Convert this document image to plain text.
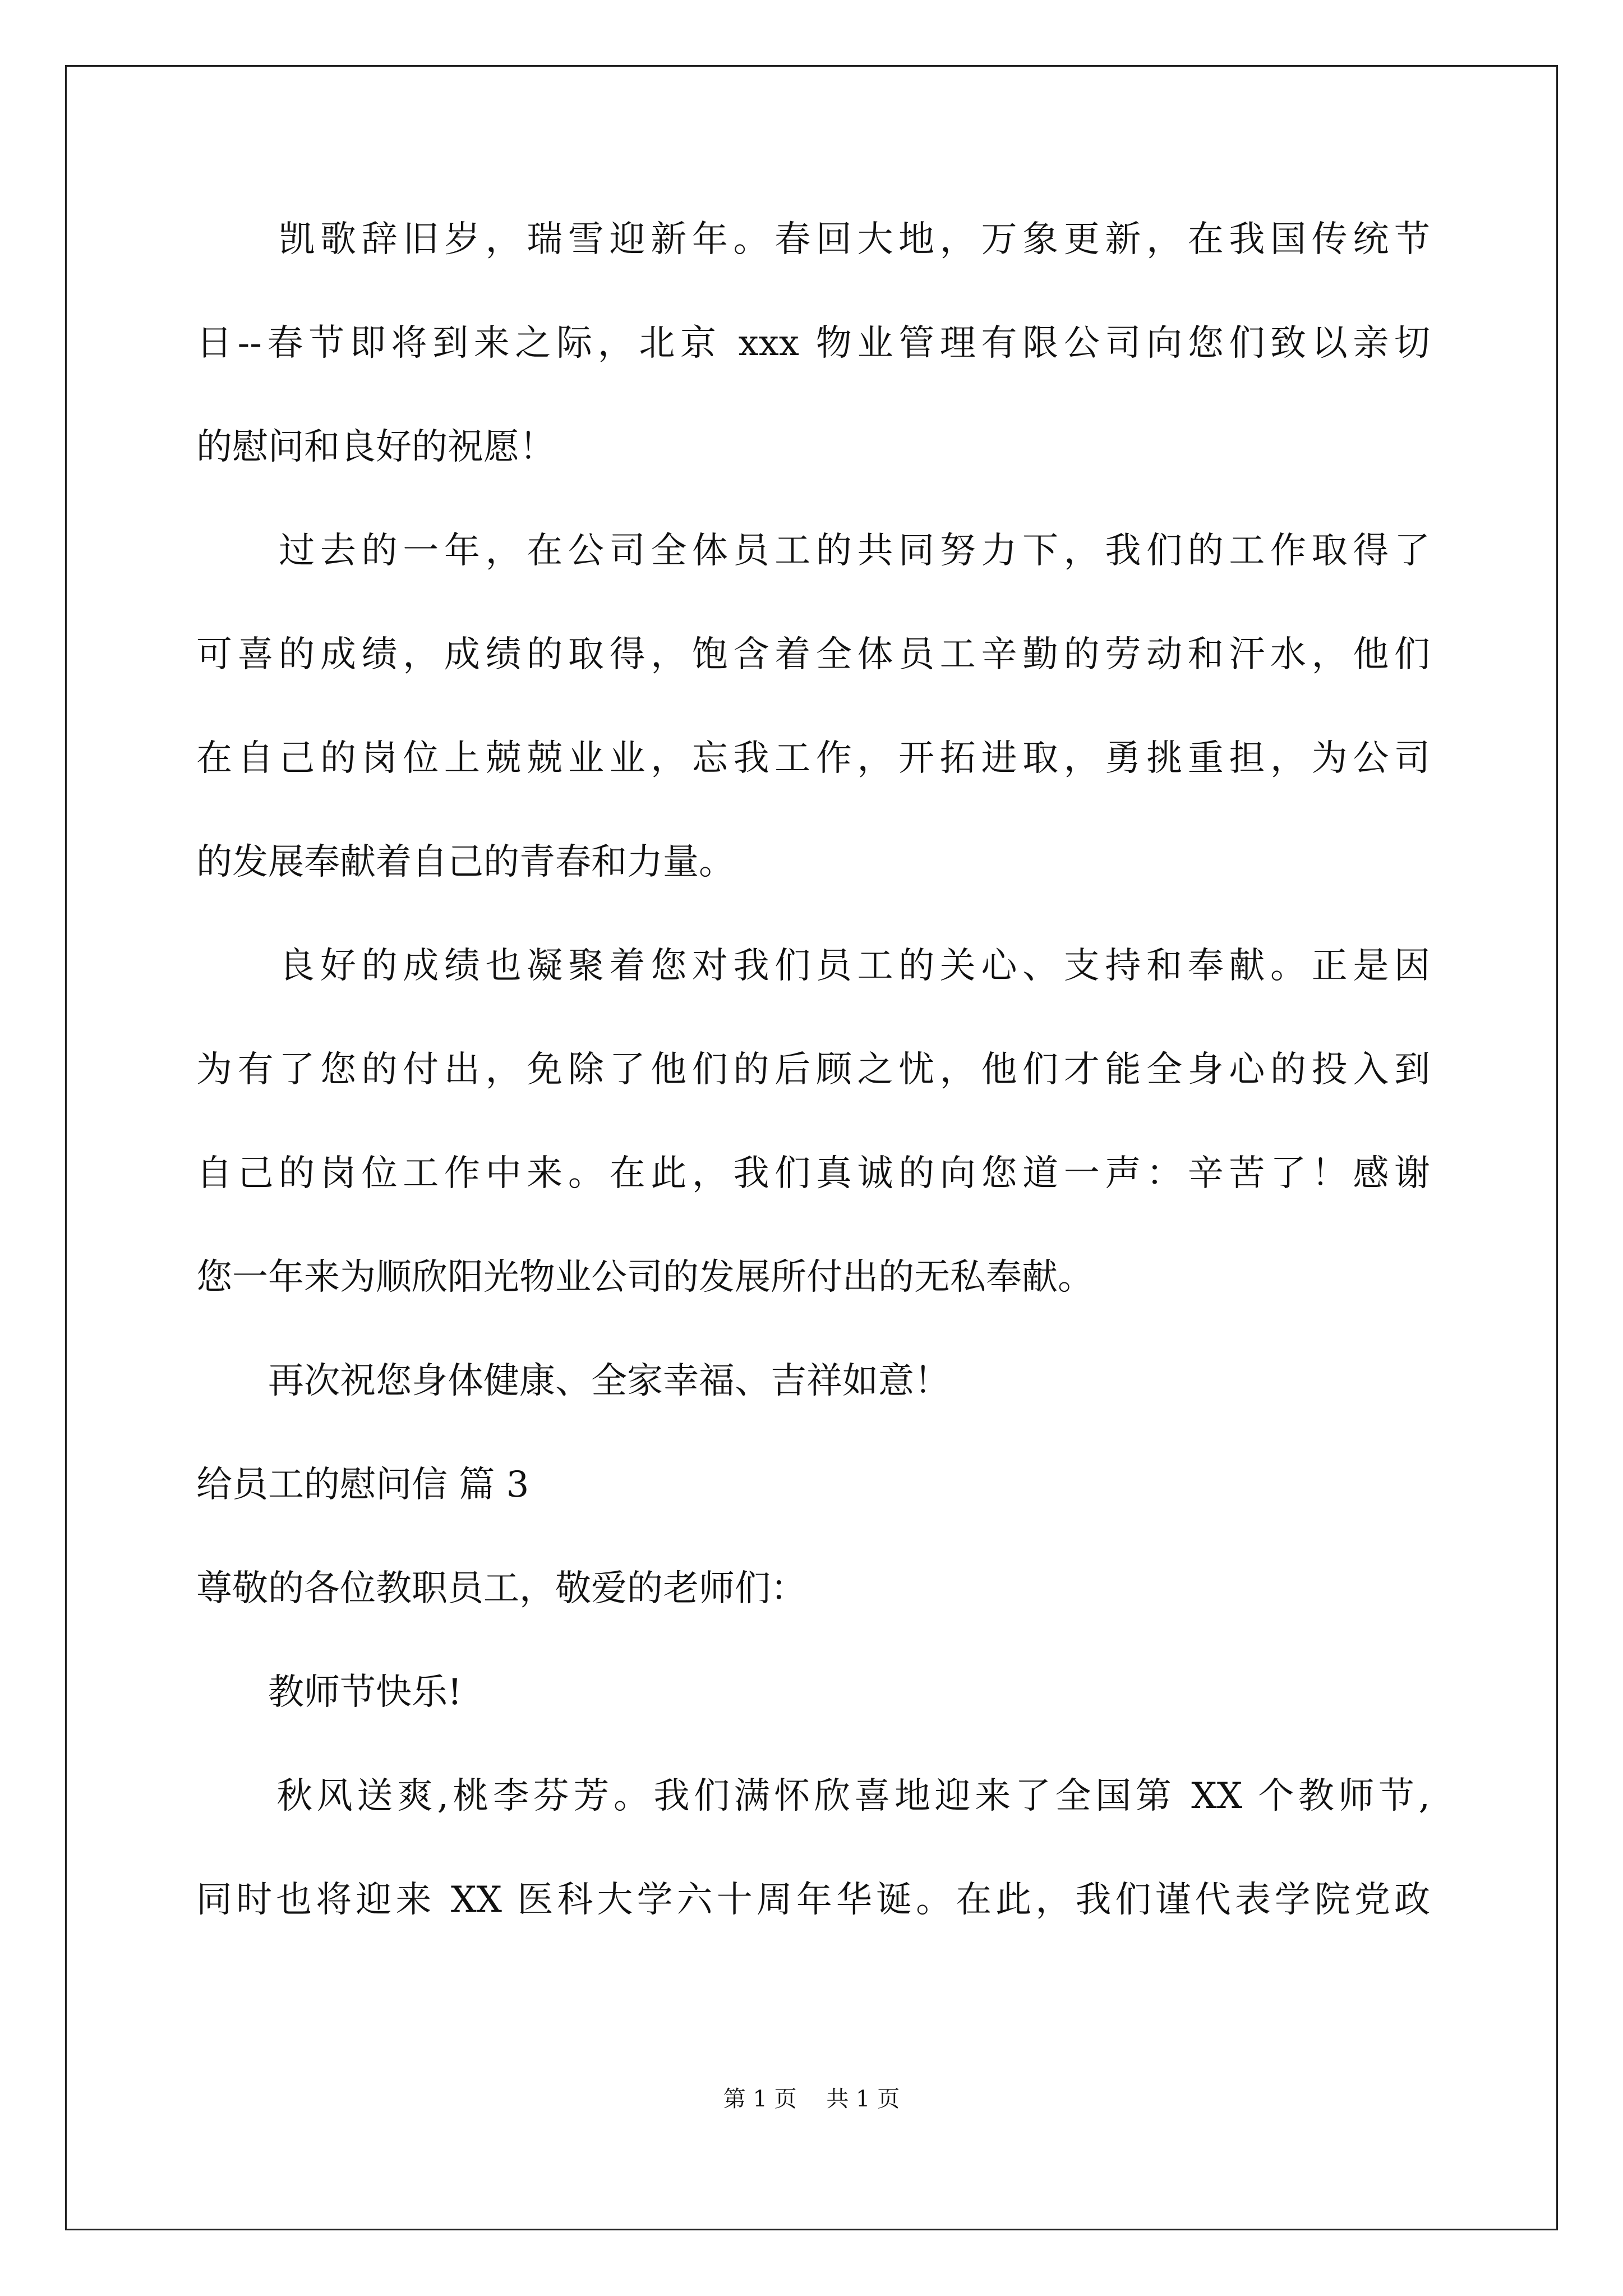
　　凯歌辞旧岁，瑞雪迎新年。春回大地，万象更新，在我国传统节
日--春节即将到来之际，北京 xxx 物业管理有限公司向您们致以亲切
的慰问和良好的祝愿！
　　过去的一年，在公司全体员工的共同努力下，我们的工作取得了
可喜的成绩，成绩的取得，饱含着全体员工辛勤的劳动和汗水，他们
在自己的岗位上兢兢业业，忘我工作，开拓进取，勇挑重担，为公司
的发展奉献着自己的青春和力量。
　　良好的成绩也凝聚着您对我们员工的关心、支持和奉献。正是因
为有了您的付出，免除了他们的后顾之忧，他们才能全身心的投入到
自己的岗位工作中来。在此，我们真诚的向您道一声：辛苦了！感谢
您一年来为顺欣阳光物业公司的发展所付出的无私奉献。
　　再次祝您身体健康、全家幸福、吉祥如意！
给员工的慰问信 篇 3
尊敬的各位教职员工，敬爱的老师们：
　　教师节快乐!
　　秋风送爽,桃李芬芳。我们满怀欣喜地迎来了全国第 XX 个教师节,
同时也将迎来 XX 医科大学六十周年华诞。在此，我们谨代表学院党政
第 1 页　 共 1 页
